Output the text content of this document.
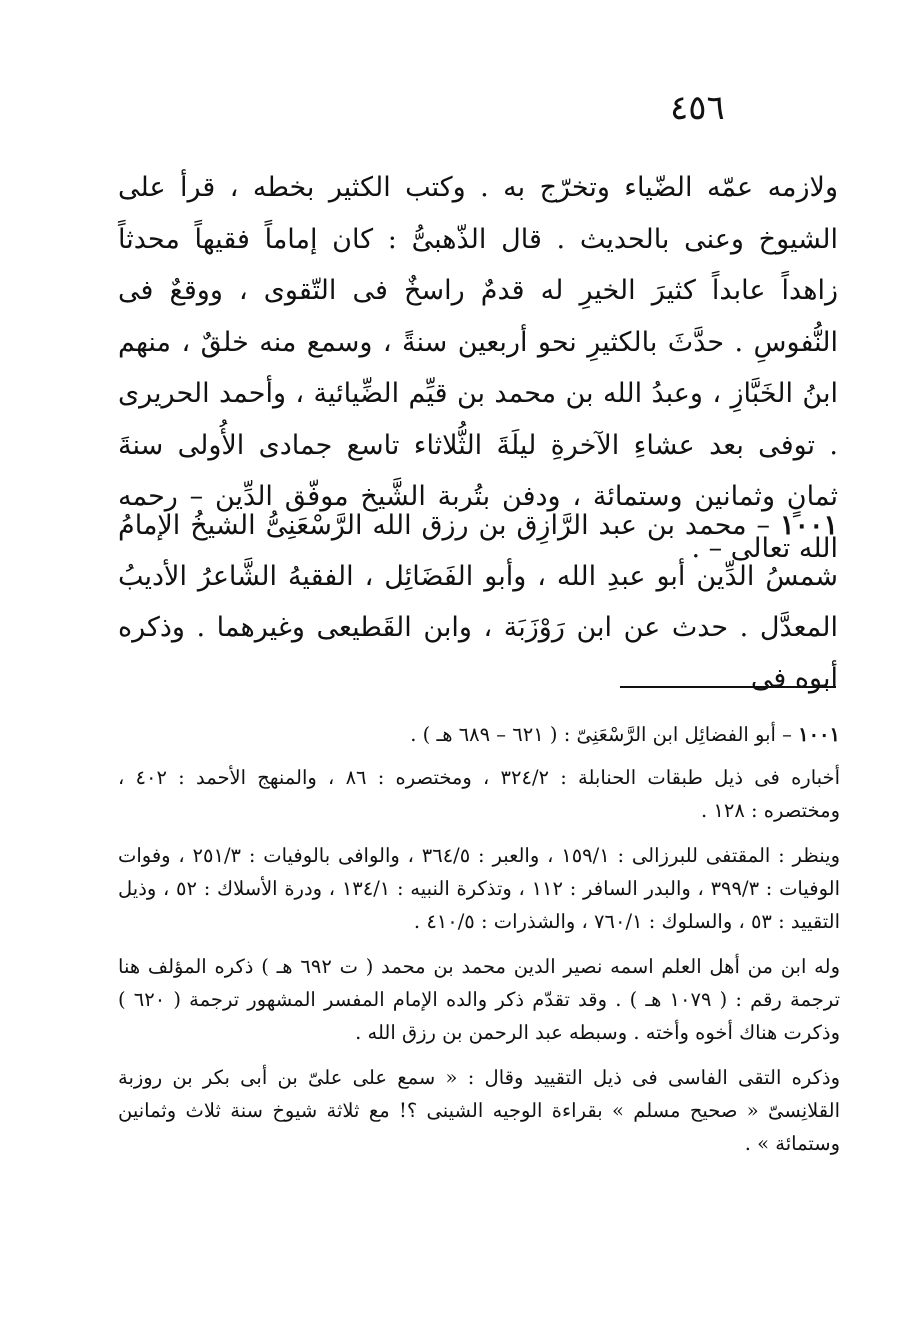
٤٥٦

ولازمه عمّه الضّياء وتخرّج به . وكتب الكثير بخطه ، قرأ على الشيوخ وعنى بالحديث . قال الذّهبىُّ : كان إماماً فقيهاً محدثاً زاهداً عابداً كثيرَ الخيرِ له قدمٌ راسخٌ فى التّقوى ، ووقعٌ فى النُّفوسِ . حدَّثَ بالكثيرِ نحو أربعين سنةً ، وسمع منه خلقٌ ، منهم ابنُ الخَبَّازِ ، وعبدُ الله بن محمد بن قيِّم الضِّيائية ، وأحمد الحريرى . توفى بعد عشاءِ الآخرةِ ليلَةَ الثُّلاثاء تاسع جمادى الأُولى سنةَ ثمانٍ وثمانين وستمائة ، ودفن بتُربة الشَّيخ موفّق الدِّين – رحمه الله تعالى – .

١٠٠١ – محمد بن عبد الرَّازِق بن رزق الله الرَّسْعَنِىُّ الشيخُ الإمامُ شمسُ الدِّين أبو عبدِ الله ، وأبو الفَضَائِل ، الفقيهُ الشَّاعرُ الأديبُ المعدَّل . حدث عن ابن رَوْزَبَة ، وابن القَطيعى وغيرهما . وذكره أبوه فى

١٠٠١ – أبو الفضائِل ابن الرَّسْعَنِىّ : ( ٦٢١ – ٦٨٩ هـ ) .

أخباره فى ذيل طبقات الحنابلة : ٣٢٤/٢ ، ومختصره : ٨٦ ، والمنهج الأحمد : ٤٠٢ ، ومختصره : ١٢٨ .

وينظر : المقتفى للبرزالى : ١٥٩/١ ، والعبر : ٣٦٤/٥ ، والوافى بالوفيات : ٢٥١/٣ ، وفوات الوفيات : ٣٩٩/٣ ، والبدر السافر : ١١٢ ، وتذكرة النبيه : ١٣٤/١ ، ودرة الأسلاك : ٥٢ ، وذيل التقييد : ٥٣ ، والسلوك : ٧٦٠/١ ، والشذرات : ٤١٠/٥ .

وله ابن من أهل العلم اسمه نصير الدين محمد بن محمد ( ت ٦٩٢ هـ ) ذكره المؤلف هنا ترجمة رقم : ( ١٠٧٩ هـ ) . وقد تقدّم ذكر والده الإمام المفسر المشهور ترجمة ( ٦٢٠ ) وذكرت هناك أخوه وأخته . وسبطه عبد الرحمن بن رزق الله .

وذكره التقى الفاسى فى ذيل التقييد وقال : « سمع على علىّ بن أبى بكر بن روزبة القلانِسىّ « صحيح مسلم » بقراءة الوجيه الشينى ؟! مع ثلاثة شيوخ سنة ثلاث وثمانين وستمائة » .
